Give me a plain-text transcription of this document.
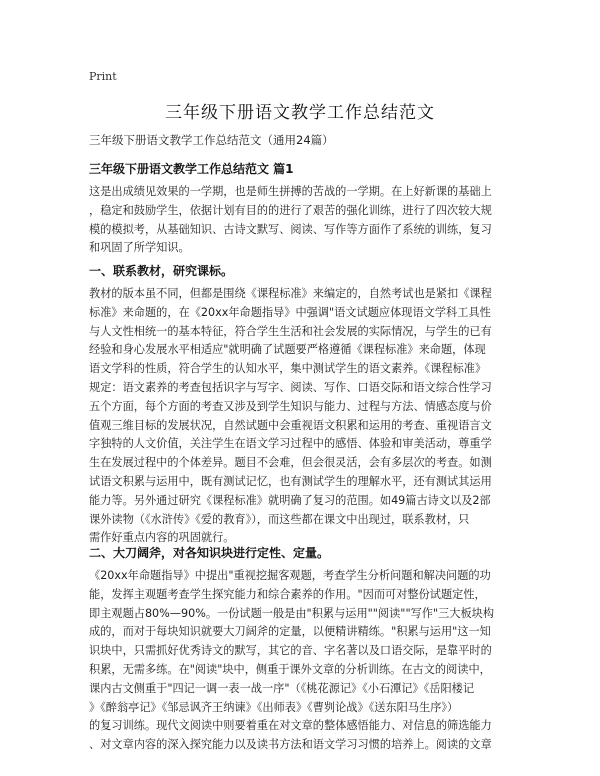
Print
三年级下册语文教学工作总结范文
三年级下册语文教学工作总结范文（通用24篇）
三年级下册语文教学工作总结范文 篇1
这是出成绩见效果的一学期，也是师生拼搏的苦战的一学期。在上好新课的基础上
，稳定和鼓励学生，依据计划有目的的进行了艰苦的强化训练，进行了四次较大规
模的模拟考，从基础知识、古诗文默写、阅读、写作等方面作了系统的训练，复习
和巩固了所学知识。
一、联系教材，研究课标。
教材的版本虽不同，但都是围绕《课程标准》来编定的，自然考试也是紧扣《课程
标准》来命题的，在《20xx年命题指导》中强调"语文试题应体现语文学科工具性
与人文性相统一的基本特征，符合学生生活和社会发展的实际情况，与学生的已有
经验和身心发展水平相适应"就明确了试题要严格遵循《课程标准》来命题，体现
语文学科的性质，符合学生的认知水平，集中测试学生的语文素养。《课程标准》
规定：语文素养的考查包括识字与写字、阅读、写作、口语交际和语文综合性学习
五个方面，每个方面的考查又涉及到学生知识与能力、过程与方法、情感态度与价
值观三维目标的发展状况，自然试题中会重视语文积累和运用的考查、重视语言文
字独特的人文价值，关注学生在语文学习过程中的感悟、体验和审美活动，尊重学
生在发展过程中的个体差异。题目不会难，但会很灵活，会有多层次的考查。如测
试语文积累与运用中，既有测试记忆，也有测试学生的理解水平，还有测试其运用
能力等。另外通过研究《课程标准》就明确了复习的范围。如49篇古诗文以及2部
课外读物（《水浒传》《爱的教育》），而这些都在课文中出现过，联系教材，只
需作好重点内容的巩固就行。
二、大刀阔斧，对各知识块进行定性、定量。
《20xx年命题指导》中提出"重视挖掘客观题，考查学生分析问题和解决问题的功
能，发挥主观题考查学生探究能力和综合素养的作用。"因而可对整份试题定性，
即主观题占80%—90%。一份试题一般是由"积累与运用""阅读""写作"三大板块构
成的，而对于每块知识就要大刀阔斧的定量，以便精讲精练。"积累与运用"这一知
识块中，只需抓好优秀诗文的默写，其它的音、字名著以及口语交际，是靠平时的
积累，无需多练。在"阅读"块中，侧重于课外文章的分析训练。在古文的阅读中，
课内古文侧重于"四记一调一表一战一序"（《桃花源记》《小石潭记》《岳阳楼记
》《醉翁亭记》《邹忌讽齐王纳谏》《出师表》《曹刿论战》《送东阳马生序》）
的复习训练。现代文阅读中则要着重在对文章的整体感悟能力、对信息的筛选能力
、对文章内容的深入探究能力以及读书方法和语文学习习惯的培养上。阅读的文章
